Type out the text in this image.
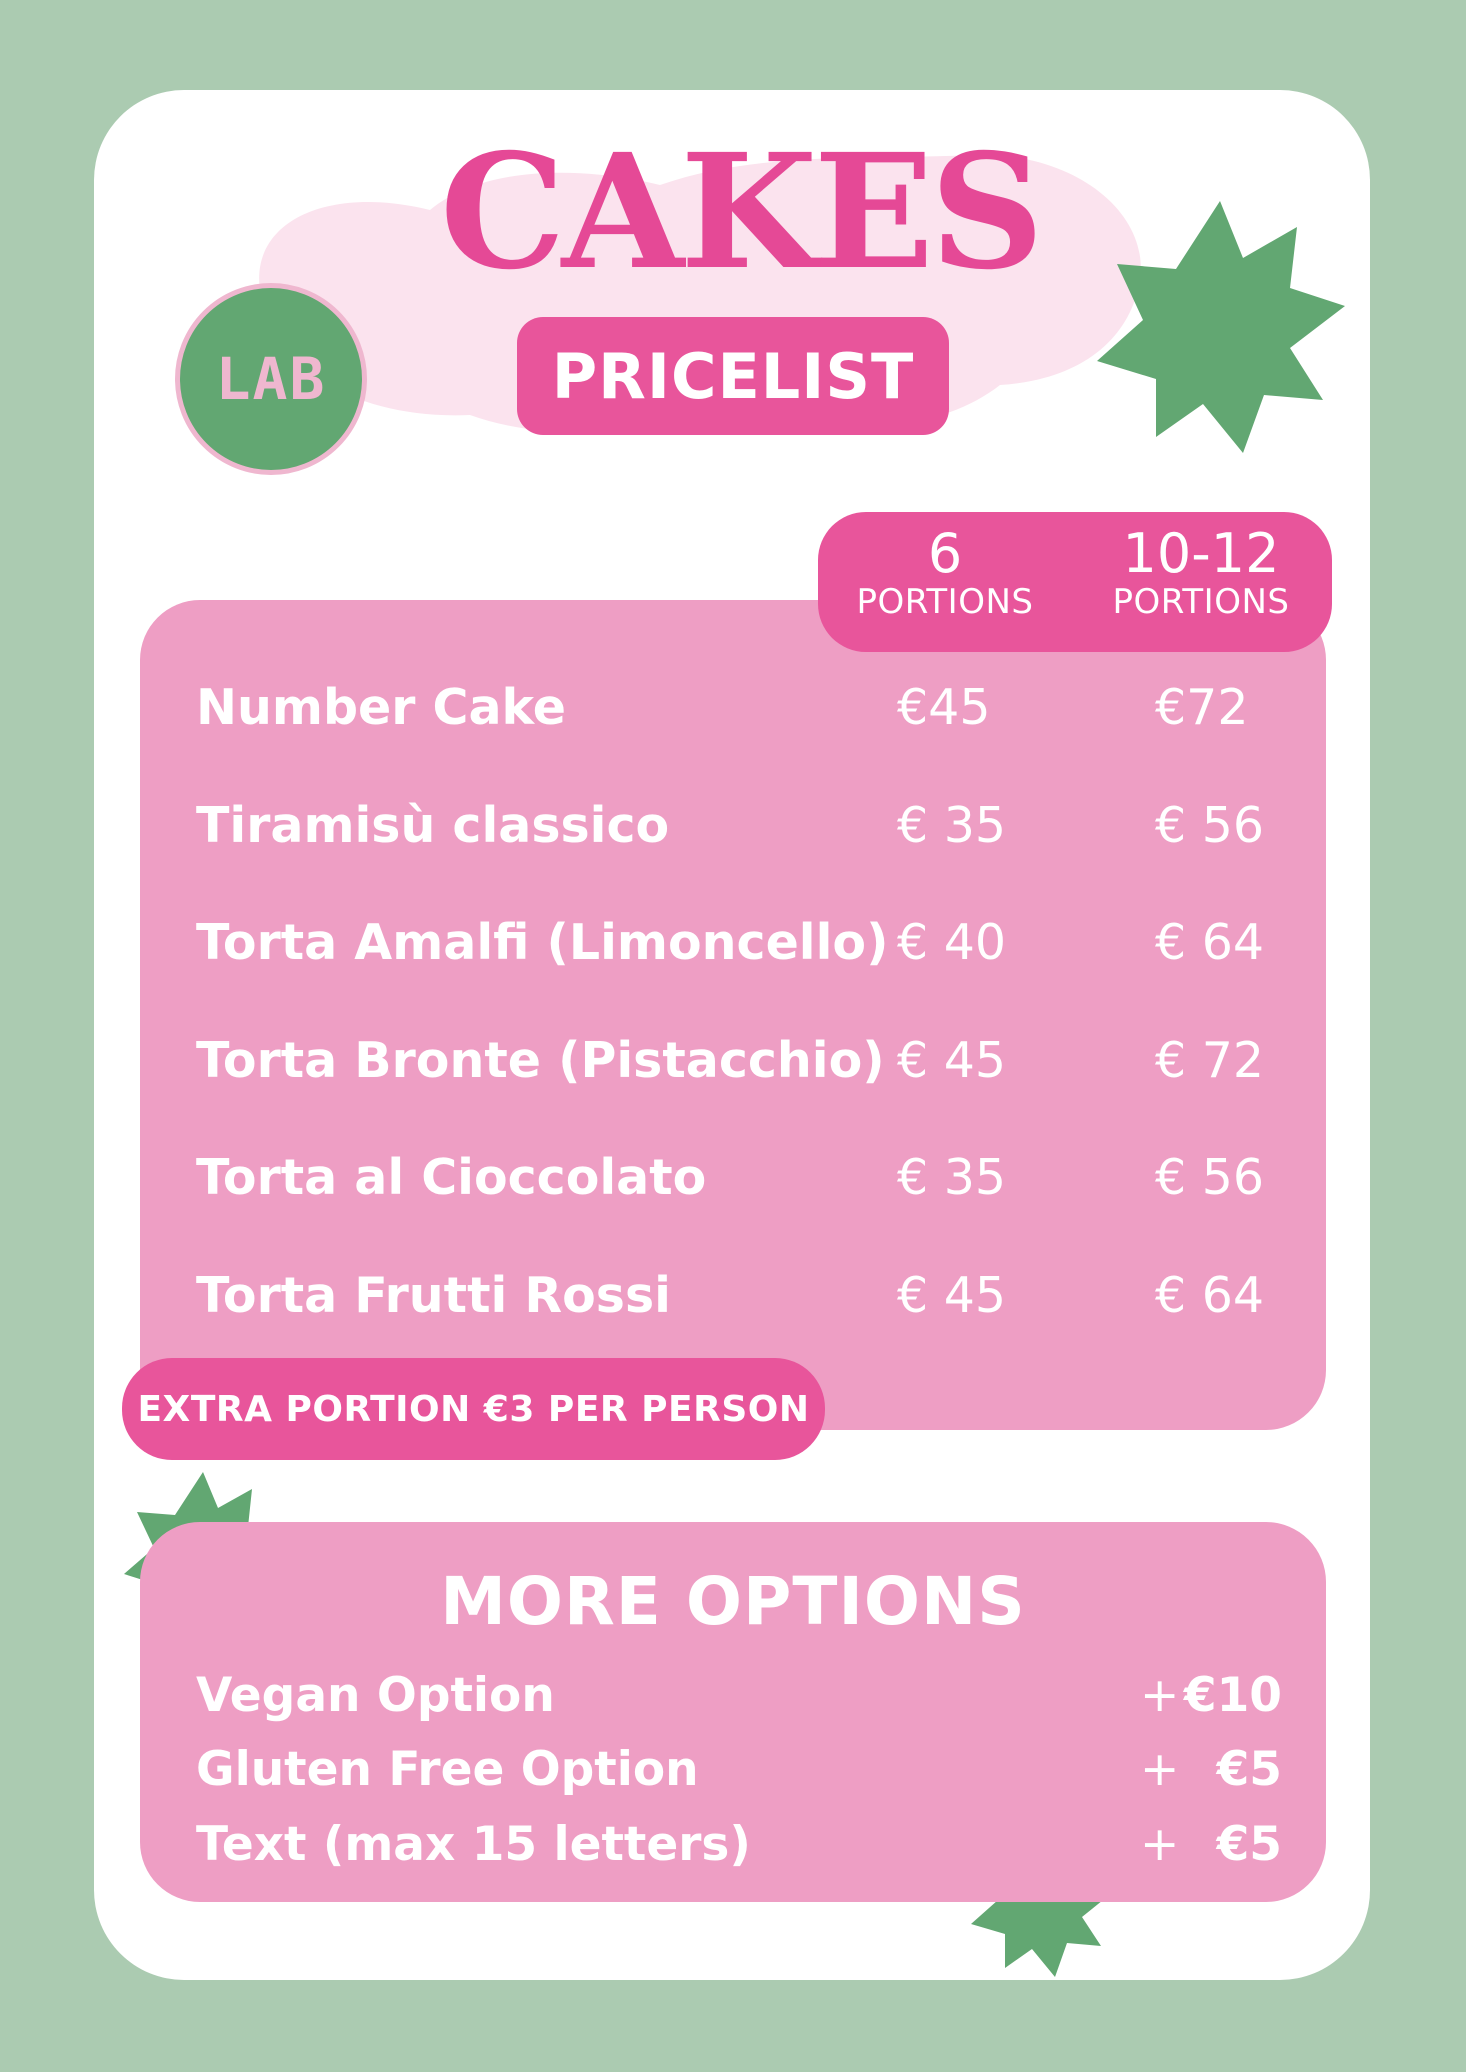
CAKES
PRICELIST
LAB
6
PORTIONS
10-12
PORTIONS
Number Cake	€45	€72
Tiramisù classico	€ 35	€ 56
Torta Amalfi (Limoncello) € 40	€ 64
Torta Bronte (Pistacchio) € 45	€ 72
Torta al Cioccolato	€ 35	€ 56
Torta Frutti Rossi	€ 45	€ 64
EXTRA PORTION €3 PER PERSON
MORE OPTIONS
Vegan Option	+ €10
Gluten Free Option	+ €5
Text (max 15 letters)	+ €5
